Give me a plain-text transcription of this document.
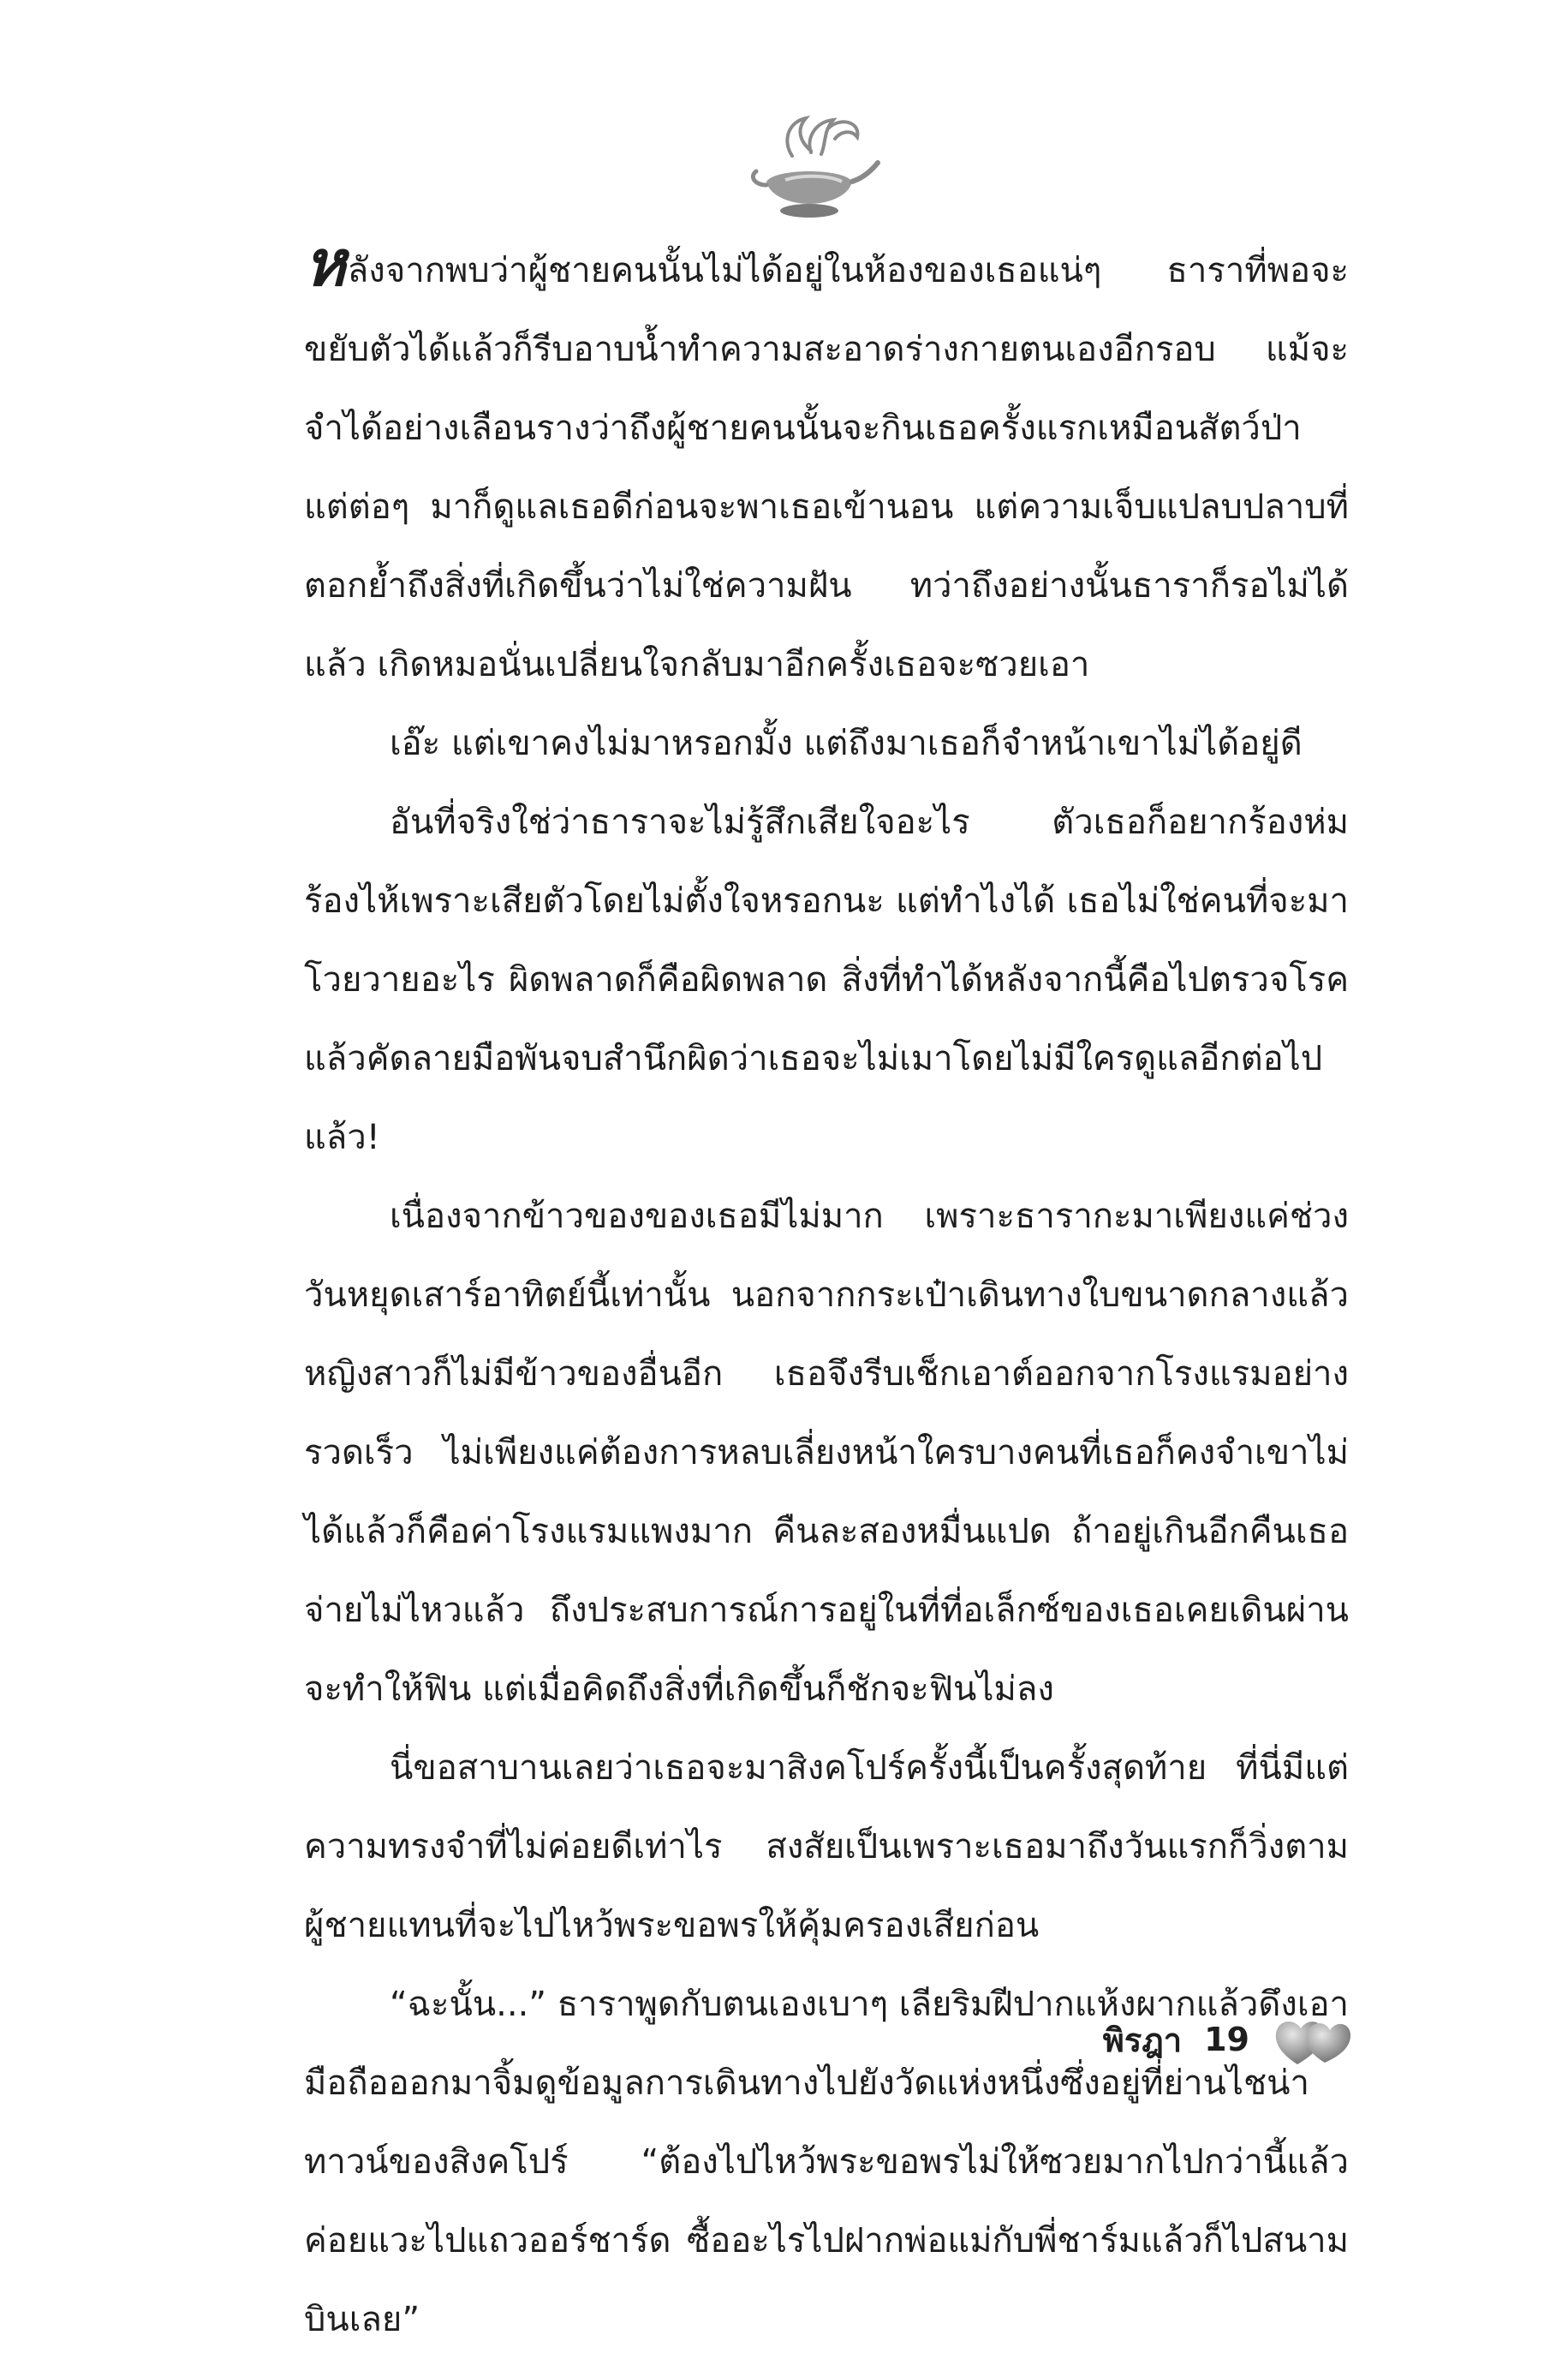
หลังจากพบว่าผู้ชายคนนั้นไม่ได้อยู่ในห้องของเธอแน่ๆ ธาราที่พอจะขยับตัวได้แล้วก็รีบอาบน้ำทำความสะอาดร่างกายตนเองอีกรอบ แม้จะจำได้อย่างเลือนรางว่าถึงผู้ชายคนนั้นจะกินเธอครั้งแรกเหมือนสัตว์ป่า แต่ต่อๆ มาก็ดูแลเธอดีก่อนจะพาเธอเข้านอน แต่ความเจ็บแปลบปลาบที่ตอกย้ำถึงสิ่งที่เกิดขึ้นว่าไม่ใช่ความฝัน ทว่าถึงอย่างนั้นธาราก็รอไม่ได้แล้ว เกิดหมอนั่นเปลี่ยนใจกลับมาอีกครั้งเธอจะซวยเอา

เอ๊ะ แต่เขาคงไม่มาหรอกมั้ง แต่ถึงมาเธอก็จำหน้าเขาไม่ได้อยู่ดี

อันที่จริงใช่ว่าธาราจะไม่รู้สึกเสียใจอะไร ตัวเธอก็อยากร้องห่มร้องไห้เพราะเสียตัวโดยไม่ตั้งใจหรอกนะ แต่ทำไงได้ เธอไม่ใช่คนที่จะมาโวยวายอะไร ผิดพลาดก็คือผิดพลาด สิ่งที่ทำได้หลังจากนี้คือไปตรวจโรค แล้วคัดลายมือพันจบสำนึกผิดว่าเธอจะไม่เมาโดยไม่มีใครดูแลอีกต่อไปแล้ว!

เนื่องจากข้าวของของเธอมีไม่มาก เพราะธารากะมาเพียงแค่ช่วงวันหยุดเสาร์อาทิตย์นี้เท่านั้น นอกจากกระเป๋าเดินทางใบขนาดกลางแล้วหญิงสาวก็ไม่มีข้าวของอื่นอีก เธอจึงรีบเช็กเอาต์ออกจากโรงแรมอย่างรวดเร็ว ไม่เพียงแค่ต้องการหลบเลี่ยงหน้าใครบางคนที่เธอก็คงจำเขาไม่ได้แล้วก็คือค่าโรงแรมแพงมาก คืนละสองหมื่นแปด ถ้าอยู่เกินอีกคืนเธอจ่ายไม่ไหวแล้ว ถึงประสบการณ์การอยู่ในที่ที่อเล็กซ์ของเธอเคยเดินผ่านจะทำให้ฟิน แต่เมื่อคิดถึงสิ่งที่เกิดขึ้นก็ชักจะฟินไม่ลง

นี่ขอสาบานเลยว่าเธอจะมาสิงคโปร์ครั้งนี้เป็นครั้งสุดท้าย ที่นี่มีแต่ความทรงจำที่ไม่ค่อยดีเท่าไร สงสัยเป็นเพราะเธอมาถึงวันแรกก็วิ่งตามผู้ชายแทนที่จะไปไหว้พระขอพรให้คุ้มครองเสียก่อน

“ฉะนั้น...” ธาราพูดกับตนเองเบาๆ เลียริมฝีปากแห้งผากแล้วดึงเอามือถือออกมาจิ้มดูข้อมูลการเดินทางไปยังวัดแห่งหนึ่งซึ่งอยู่ที่ย่านไชน่าทาวน์ของสิงคโปร์ “ต้องไปไหว้พระขอพรไม่ให้ซวยมากไปกว่านี้แล้วค่อยแวะไปแถวออร์ชาร์ด ซื้ออะไรไปฝากพ่อแม่กับพี่ชาร์มแล้วก็ไปสนามบินเลย”

พิรฎา 19
